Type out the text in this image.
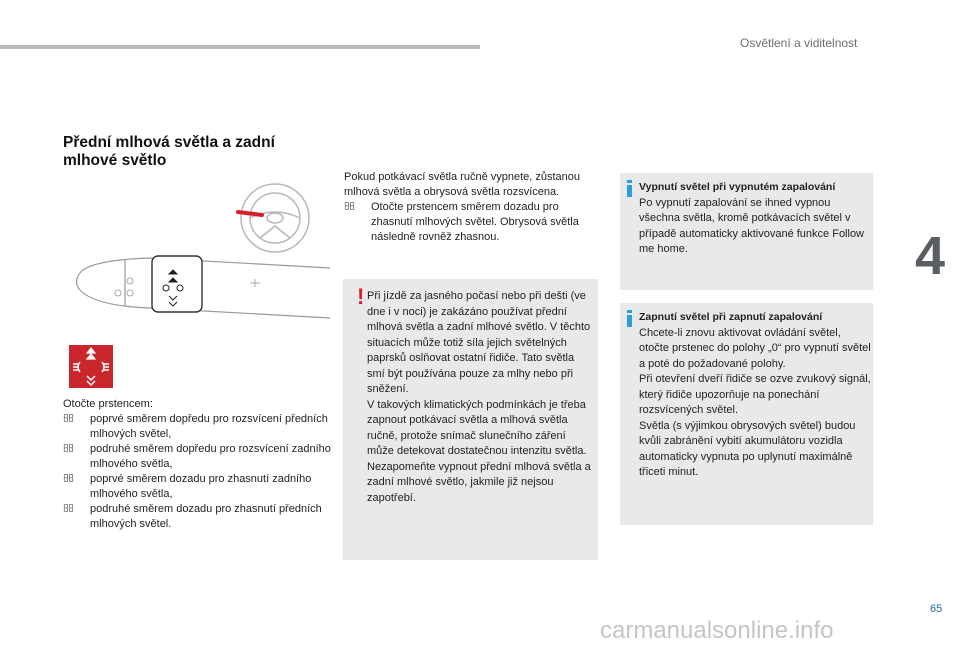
Osvětlení a viditelnost
4
65
Přední mlhová světla a zadní mlhové světlo

Otočte prstencem:

poprvé směrem dopředu pro rozsvícení předních mlhových světel,
podruhé směrem dopředu pro rozsvícení zadního mlhového světla,
poprvé směrem dozadu pro zhasnutí zadního mlhového světla,
podruhé směrem dozadu pro zhasnutí předních mlhových světel.

Pokud potkávací světla ručně vypnete, zůstanou mlhová světla a obrysová světla rozsvícena.

Otočte prstencem směrem dozadu pro zhasnutí mlhových světel. Obrysová světla následně rovněž zhasnou.
! Při jízdě za jasného počasí nebo při dešti (ve dne i v noci) je zakázáno používat přední mlhová světla a zadní mlhové světlo. V těchto situacích může totiž síla jejich světelných paprsků oslňovat ostatní řidiče. Tato světla smí být používána pouze za mlhy nebo při sněžení.

V takových klimatických podmínkách je třeba zapnout potkávací světla a mlhová světla ručně, protože snímač slunečního záření může detekovat dostatečnou intenzitu světla.

Nezapomeňte vypnout přední mlhová světla a zadní mlhové světlo, jakmile již nejsou zapotřebí.

Vypnutí světel při vypnutém zapalování

Po vypnutí zapalování se ihned vypnou všechna světla, kromě potkávacích světel v případě automaticky aktivované funkce Follow me home.

Zapnutí světel při zapnutí zapalování

Chcete-li znovu aktivovat ovládání světel, otočte prstenec do polohy „0“ pro vypnutí světel a poté do požadované polohy.

Při otevření dveří řidiče se ozve zvukový signál, který řidiče upozorňuje na ponechání rozsvícených světel.

Světla (s výjimkou obrysových světel) budou kvůli zabránění vybití akumulátoru vozidla automaticky vypnuta po uplynutí maximálně třiceti minut.

carmanualsonline.info
